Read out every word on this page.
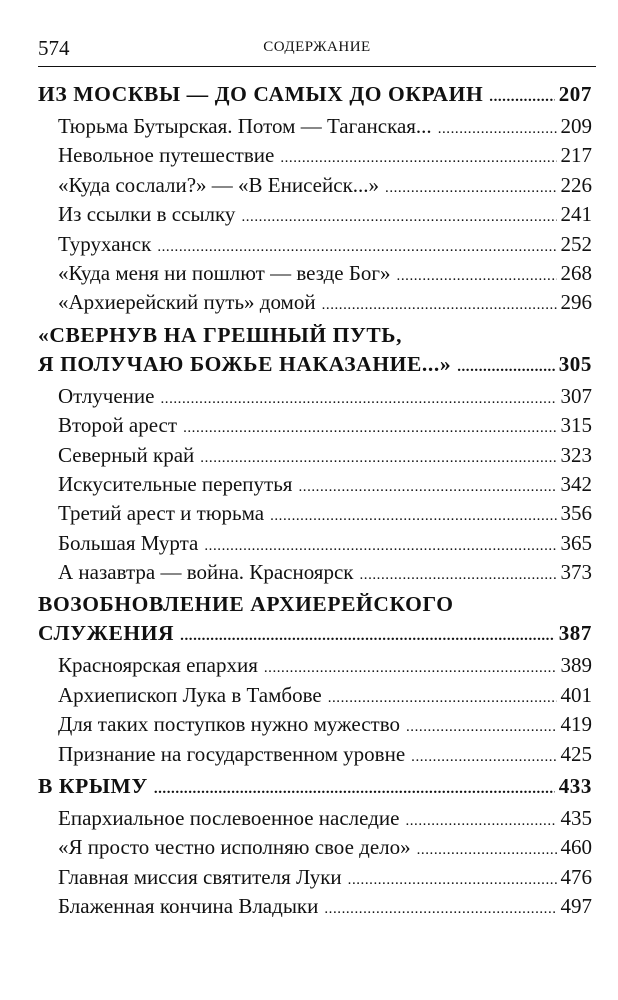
574	СОДЕРЖАНИЕ
ИЗ МОСКВЫ — ДО САМЫХ ДО ОКРАИН . . .	207
Тюрьма Бутырская. Потом — Таганская... . . .	209
Невольное путешествие . . .	217
«Куда сослали?» — «В Енисейск...» . . .	226
Из ссылки в ссылку . . .	241
Туруханск . . .	252
«Куда меня ни пошлют — везде Бог» . . .	268
«Архиерейский путь» домой . . .	296
«СВЕРНУВ НА ГРЕШНЫЙ ПУТЬ,
Я ПОЛУЧАЮ БОЖЬЕ НАКАЗАНИЕ...» . . .	305
Отлучение . . .	307
Второй арест . . .	315
Северный край . . .	323
Искусительные перепутья . . .	342
Третий арест и тюрьма . . .	356
Большая Мурта . . .	365
А назавтра — война. Красноярск . . .	373
ВОЗОБНОВЛЕНИЕ АРХИЕРЕЙСКОГО
СЛУЖЕНИЯ . . .	387
Красноярская епархия . . .	389
Архиепископ Лука в Тамбове . . .	401
Для таких поступков нужно мужество . . .	419
Признание на государственном уровне . . .	425
В КРЫМУ . . .	433
Епархиальное послевоенное наследие . . .	435
«Я просто честно исполняю свое дело» . . .	460
Главная миссия святителя Луки . . .	476
Блаженная кончина Владыки . . .	497
